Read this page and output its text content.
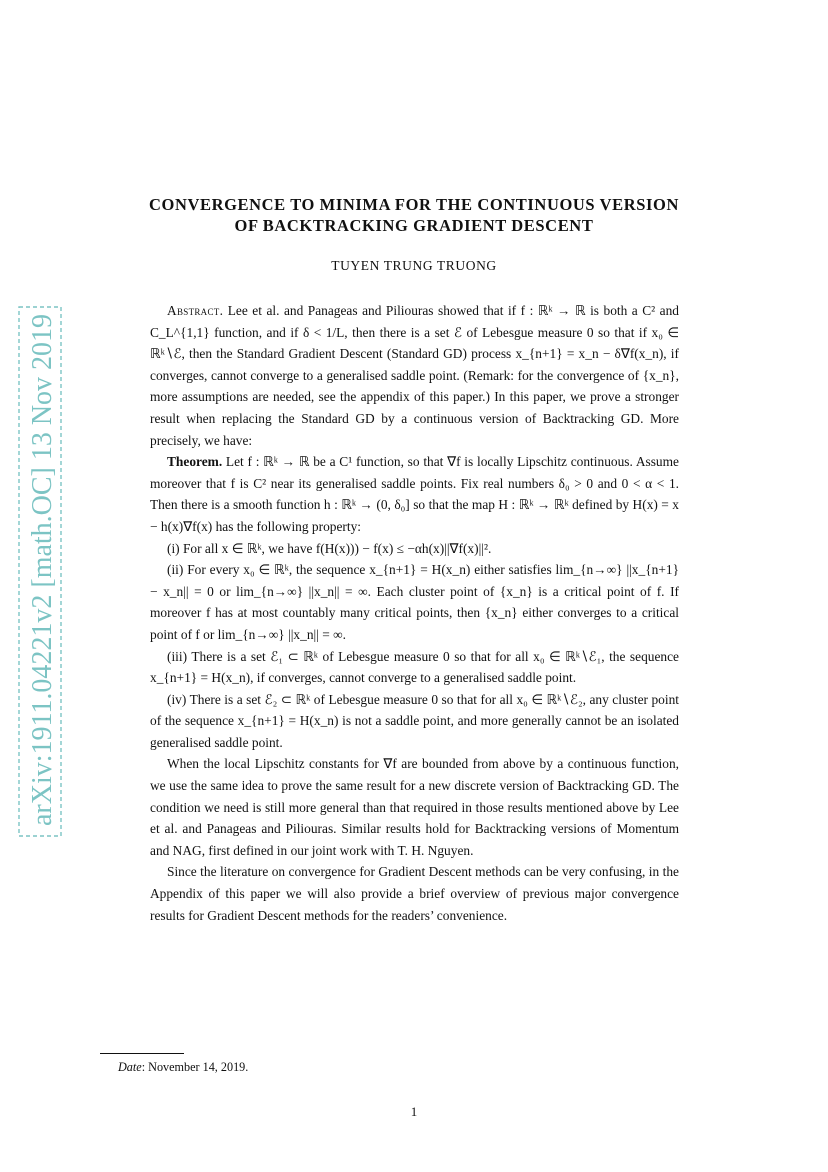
arXiv:1911.04221v2 [math.OC] 13 Nov 2019
CONVERGENCE TO MINIMA FOR THE CONTINUOUS VERSION
OF BACKTRACKING GRADIENT DESCENT
TUYEN TRUNG TRUONG

Abstract. Lee et al. and Panageas and Piliouras showed that if f : ℝᵏ → ℝ is both a C² and C_L^{1,1} function, and if δ < 1/L, then there is a set ℰ of Lebesgue measure 0 so that if x₀ ∈ ℝᵏ∖ℰ, then the Standard Gradient Descent (Standard GD) process x_{n+1} = x_n − δ∇f(x_n), if converges, cannot converge to a generalised saddle point. (Remark: for the convergence of {x_n}, more assumptions are needed, see the appendix of this paper.) In this paper, we prove a stronger result when replacing the Standard GD by a continuous version of Backtracking GD. More precisely, we have:

Theorem. Let f : ℝᵏ → ℝ be a C¹ function, so that ∇f is locally Lipschitz continuous. Assume moreover that f is C² near its generalised saddle points. Fix real numbers δ₀ > 0 and 0 < α < 1. Then there is a smooth function h : ℝᵏ → (0, δ₀] so that the map H : ℝᵏ → ℝᵏ defined by H(x) = x − h(x)∇f(x) has the following property:

(i) For all x ∈ ℝᵏ, we have f(H(x))) − f(x) ≤ −αh(x)||∇f(x)||².

(ii) For every x₀ ∈ ℝᵏ, the sequence x_{n+1} = H(x_n) either satisfies lim_{n→∞} ||x_{n+1} − x_n|| = 0 or lim_{n→∞} ||x_n|| = ∞. Each cluster point of {x_n} is a critical point of f. If moreover f has at most countably many critical points, then {x_n} either converges to a critical point of f or lim_{n→∞} ||x_n|| = ∞.

(iii) There is a set ℰ₁ ⊂ ℝᵏ of Lebesgue measure 0 so that for all x₀ ∈ ℝᵏ∖ℰ₁, the sequence x_{n+1} = H(x_n), if converges, cannot converge to a generalised saddle point.

(iv) There is a set ℰ₂ ⊂ ℝᵏ of Lebesgue measure 0 so that for all x₀ ∈ ℝᵏ∖ℰ₂, any cluster point of the sequence x_{n+1} = H(x_n) is not a saddle point, and more generally cannot be an isolated generalised saddle point.

When the local Lipschitz constants for ∇f are bounded from above by a continuous function, we use the same idea to prove the same result for a new discrete version of Backtracking GD. The condition we need is still more general than that required in those results mentioned above by Lee et al. and Panageas and Piliouras. Similar results hold for Backtracking versions of Momentum and NAG, first defined in our joint work with T. H. Nguyen.

Since the literature on convergence for Gradient Descent methods can be very confusing, in the Appendix of this paper we will also provide a brief overview of previous major convergence results for Gradient Descent methods for the readers’ convenience.

Date: November 14, 2019.
1
